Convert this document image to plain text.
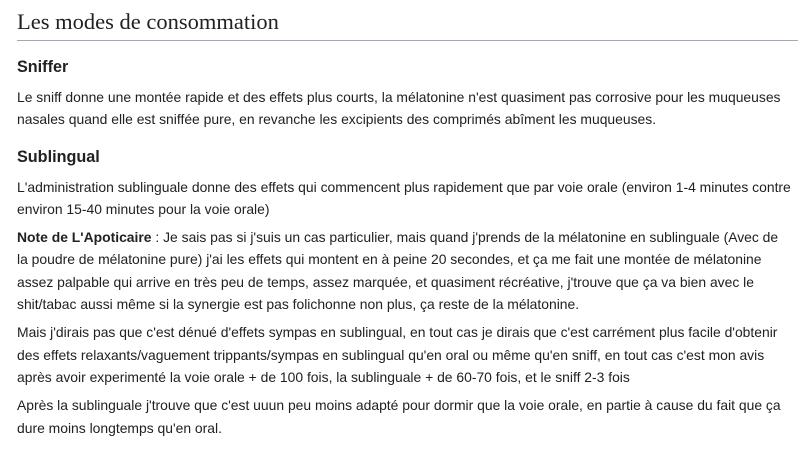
Les modes de consommation
Sniffer

Le sniff donne une montée rapide et des effets plus courts, la mélatonine n'est quasiment pas corrosive pour les muqueuses nasales quand elle est sniffée pure, en revanche les excipients des comprimés abîment les muqueuses.

Sublingual

L'administration sublinguale donne des effets qui commencent plus rapidement que par voie orale (environ 1-4 minutes contre environ 15-40 minutes pour la voie orale)

Note de L'Apoticaire : Je sais pas si j'suis un cas particulier, mais quand j'prends de la mélatonine en sublinguale (Avec de la poudre de mélatonine pure) j'ai les effets qui montent en à peine 20 secondes, et ça me fait une montée de mélatonine assez palpable qui arrive en très peu de temps, assez marquée, et quasiment récréative, j'trouve que ça va bien avec le shit/tabac aussi même si la synergie est pas folichonne non plus, ça reste de la mélatonine.

Mais j'dirais pas que c'est dénué d'effets sympas en sublingual, en tout cas je dirais que c'est carrément plus facile d'obtenir des effets relaxants/vaguement trippants/sympas en sublingual qu'en oral ou même qu'en sniff, en tout cas c'est mon avis après avoir experimenté la voie orale + de 100 fois, la sublinguale + de 60-70 fois, et le sniff 2-3 fois

Après la sublinguale j'trouve que c'est uuun peu moins adapté pour dormir que la voie orale, en partie à cause du fait que ça dure moins longtemps qu'en oral.
